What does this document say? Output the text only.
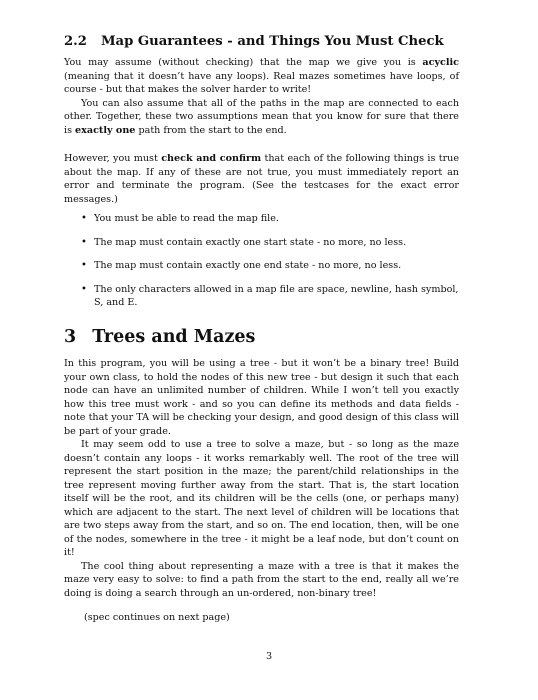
2.2 Map Guarantees - and Things You Must Check

You may assume (without checking) that the map we give you is acyclic (meaning that it doesn’t have any loops). Real mazes sometimes have loops, of course - but that makes the solver harder to write!

You can also assume that all of the paths in the map are connected to each other. Together, these two assumptions mean that you know for sure that there is exactly one path from the start to the end.

However, you must check and confirm that each of the following things is true about the map. If any of these are not true, you must immediately report an error and terminate the program. (See the testcases for the exact error messages.)

• You must be able to read the map file.
• The map must contain exactly one start state - no more, no less.
• The map must contain exactly one end state - no more, no less.
• The only characters allowed in a map file are space, newline, hash symbol, S, and E.
3 Trees and Mazes

In this program, you will be using a tree - but it won’t be a binary tree! Build your own class, to hold the nodes of this new tree - but design it such that each node can have an unlimited number of children. While I won’t tell you exactly how this tree must work - and so you can define its methods and data fields - note that your TA will be checking your design, and good design of this class will be part of your grade.

It may seem odd to use a tree to solve a maze, but - so long as the maze doesn’t contain any loops - it works remarkably well. The root of the tree will represent the start position in the maze; the parent/child relationships in the tree represent moving further away from the start. That is, the start location itself will be the root, and its children will be the cells (one, or perhaps many) which are adjacent to the start. The next level of children will be locations that are two steps away from the start, and so on. The end location, then, will be one of the nodes, somewhere in the tree - it might be a leaf node, but don’t count on it!

The cool thing about representing a maze with a tree is that it makes the maze very easy to solve: to find a path from the start to the end, really all we’re doing is doing a search through an un-ordered, non-binary tree!

(spec continues on next page)
3
